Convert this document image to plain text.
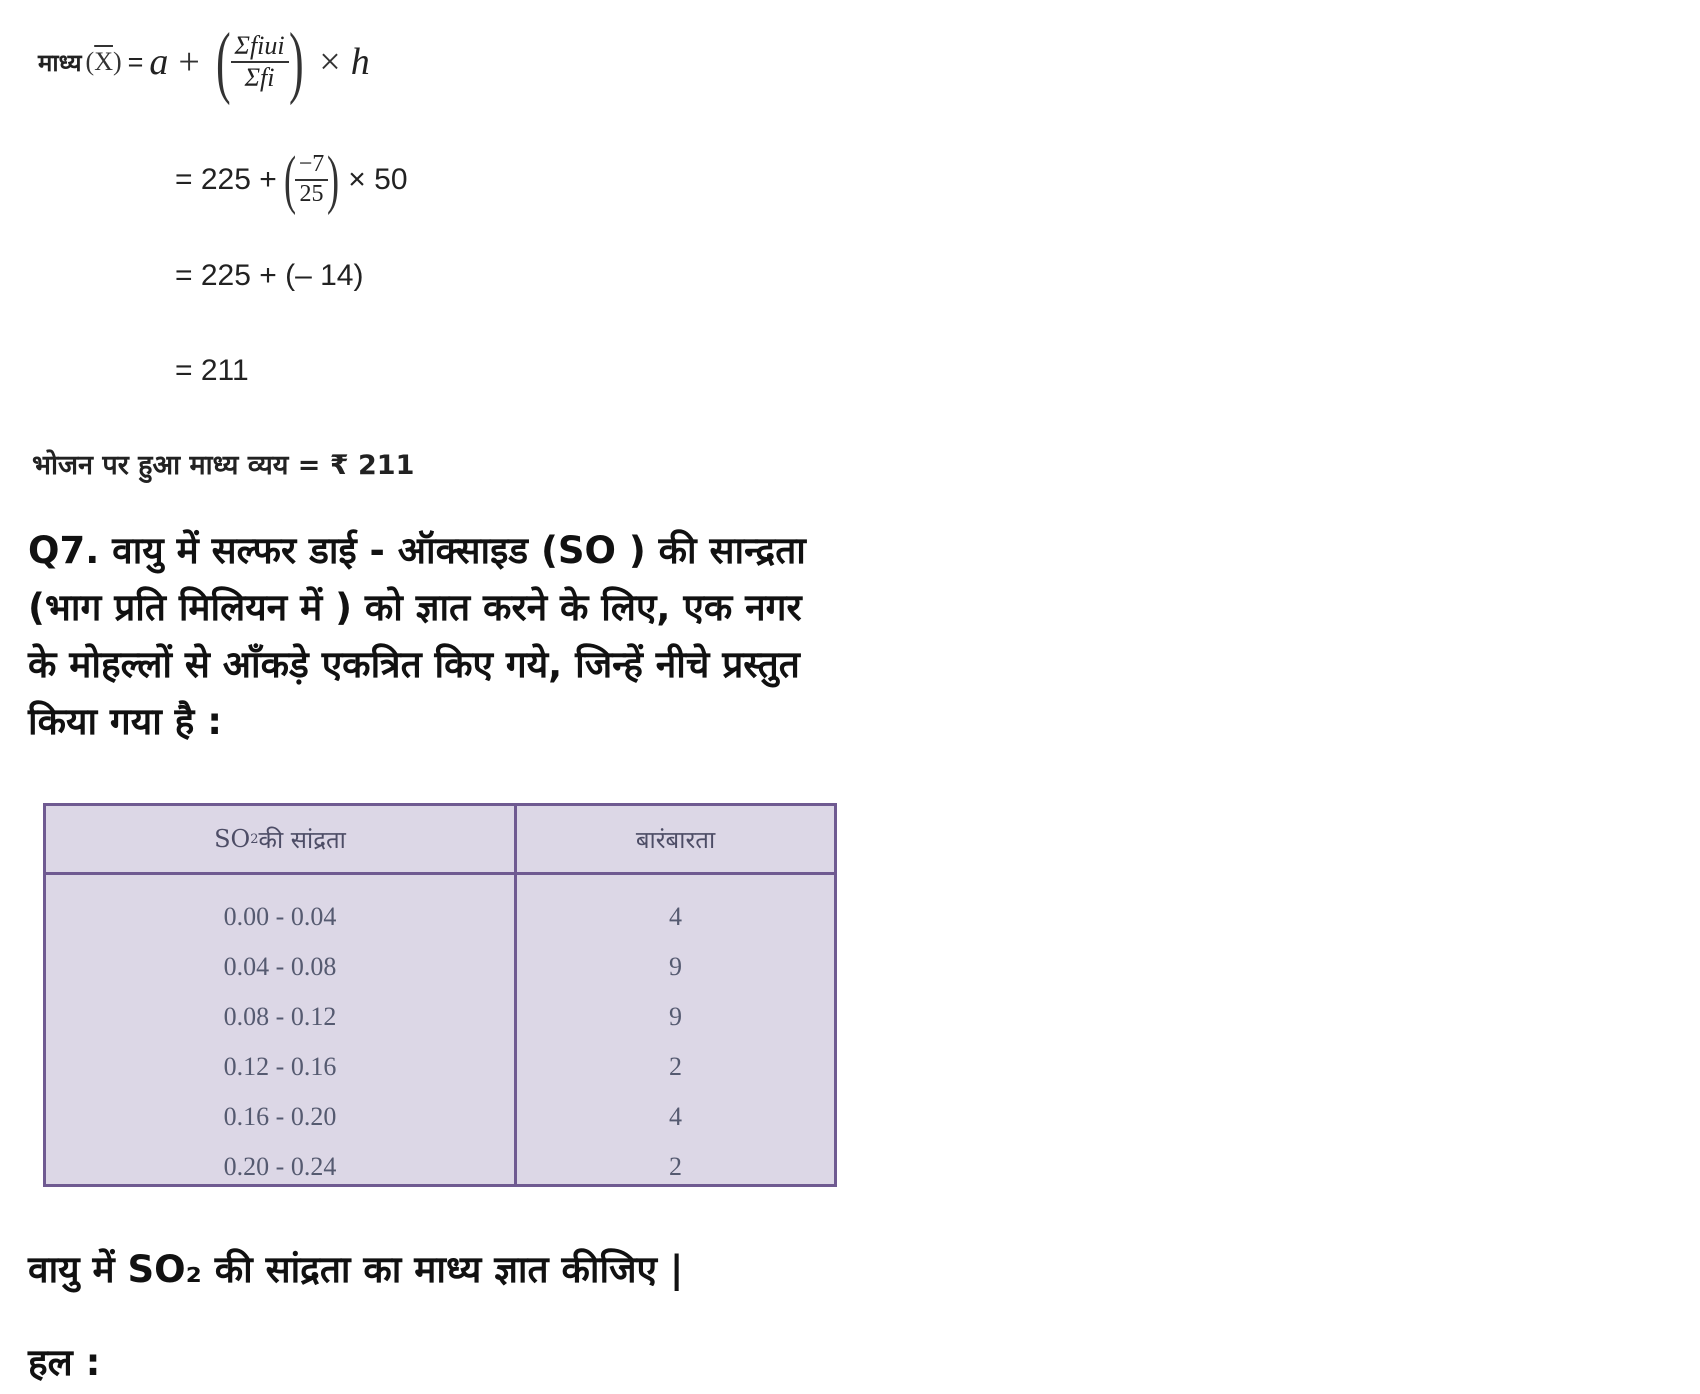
माध्य $(\overline{X}) = a$ + ( $\frac{\text{Σfiui}}{\text{Σfi}}$ ) × h
= 225 + (
$\frac{-7}{25}$
) × 50
= 225 + (– 14)
= 211
भोजन पर हुआ माध्य व्यय = ₹ 211
Q7. वायु में सल्फर डाई - ऑक्साइड (SO ) की सान्द्रता
(भाग प्रति मिलियन में ) को ज्ञात करने के लिए, एक नगर
के मोहल्लों से आँकड़े एकत्रित किए गये, जिन्हें नीचे प्रस्तुत
किया गया है :
SO 2 की सांद्रता	बारंबारता
0.00 - 0.04	4
0.04 - 0.08	9
0.08 - 0.12	9
0.12 - 0.16	2
0.16 - 0.20	4
0.20 - 0.24	2
वायु में SO₂ की सांद्रता का माध्य ज्ञात कीजिए |
हल :
